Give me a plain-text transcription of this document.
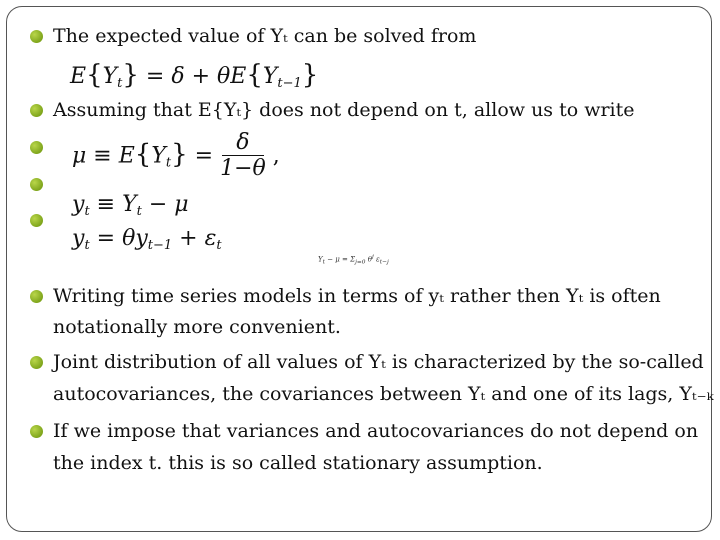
The expected value of Yₜ can be solved from
$E\{Y_t\} = \delta + \theta E\{Y_{t-1}\}$
Assuming that E{Yₜ} does not depend on t, allow us to write
$\mu \equiv E\{Y_t\} = \frac{\delta}{1-\theta}$ ,
$y_t \equiv Y_t - \mu$
$y_t = \theta y_{t-1} + \varepsilon_t$
$Y_t - \mu = \Sigma_{j=0}$ $\theta^j$ $\varepsilon_{t-j}$
Writing time series models in terms of yₜ rather then Yₜ is often
notationally more convenient.
Joint distribution of all values of Yₜ is characterized by the so-called
autocovariances, the covariances between Yₜ and one of its lags, Yₜ₋ₖ
If we impose that variances and autocovariances do not depend on
the index t. this is so called stationary assumption.
